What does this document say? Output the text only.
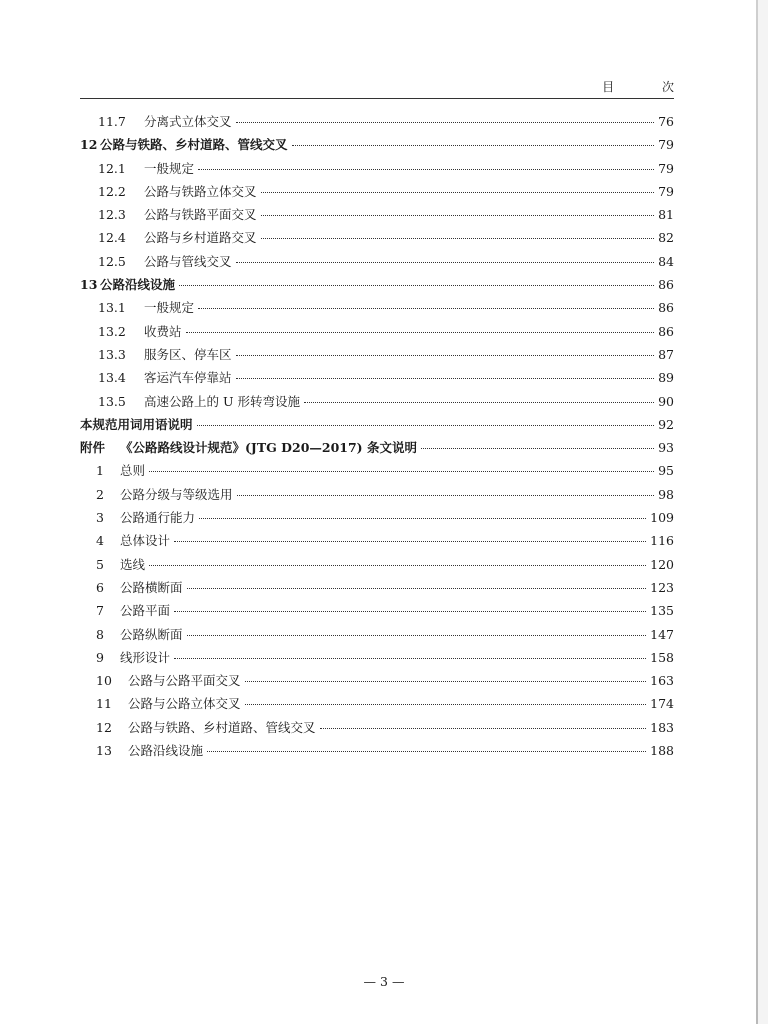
目 次
11.7	分离式立体交叉	76
12 公路与铁路、乡村道路、管线交叉	79
12.1	一般规定	79
12.2	公路与铁路立体交叉	79
12.3	公路与铁路平面交叉	81
12.4	公路与乡村道路交叉	82
12.5	公路与管线交叉	84
13 公路沿线设施	86
13.1	一般规定	86
13.2	收费站	86
13.3	服务区、停车区	87
13.4	客运汽车停靠站	89
13.5	高速公路上的 U 形转弯设施	90
本规范用词用语说明	92
附件	《公路路线设计规范》(JTG D20—2017) 条文说明	93
1	总则	95
2	公路分级与等级选用	98
3	公路通行能力	109
4	总体设计	116
5	选线	120
6	公路横断面	123
7	公路平面	135
8	公路纵断面	147
9	线形设计	158
10	公路与公路平面交叉	163
11	公路与公路立体交叉	174
12	公路与铁路、乡村道路、管线交叉	183
13	公路沿线设施	188
— 3 —
